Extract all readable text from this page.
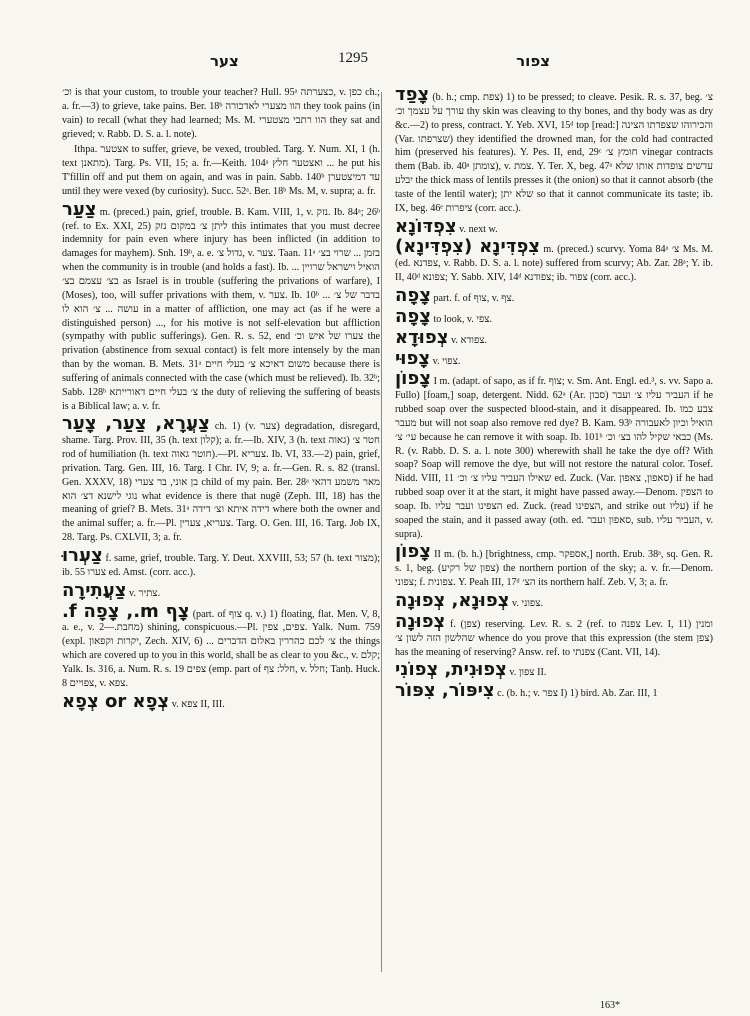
צער	1295	צפור

וכ׳ is that your custom, to trouble your teacher? Hull. 95ᵃ כצערתה, v. כפן ch.; a. fr.—3) to grieve, take pains. Ber. 18ᵇ הוו מצערי לאדכורה they took pains (in vain) to recall (what they had learned; Ms. M. הוו רתבי מצטערי they sat and grieved; v. Rabb. D. S. a. l. note).

Ithpa. אצטער to suffer, grieve, be vexed, troubled. Targ. Y. Num. XI, 1 (h. text מתאנן). Targ. Ps. VII, 15; a. fr.—Keith. 104ᵃ ואצטער חלץ ... he put his T'fillin off and put them on again, and was in pain. Sabb. 140ᵇ עד דמיצטערן until they were vexed (by curiosity). Succ. 52ᵃ. Ber. 18ᵇ Ms. M, v. supra; a. fr.

צַעַר m. (preced.) pain, grief, trouble. B. Kam. VIII, 1, v. נזק. Ib. 84ᵃ; 26ᵇ (ref. to Ex. XXI, 25) ליתן צ׳ במקום נזק this intimates that you must decree indemnity for pain even where injury has been inflicted (in addition to damages for mayhem). Snh. 19ᵇ, a. e. גדול צ׳, v. צער. Taan. 11ᵃ בזמן ... שרוי בצ׳ when the community is in trouble (and holds a fast). Ib. ... הואיל וישראל שרויין בצ׳ עצמם בצ׳ as Israel is in trouble (suffering the privations of warfare), I (Moses), too, will suffer privations with them, v. צער. Ib. 10ᵇ ... בדבר של צ׳ עושה ... צ׳ הוא לו in a matter of affliction, one may act (as if he were a distinguished person) ..., for his motive is not self-elevation but affliction (sympathy with public sufferings). Gen. R. s. 52, end צערו של איש וכ׳ the privation (abstinence from sexual contact) is felt more intensely by the man than by the woman. B. Mets. 31ᵃ משום דאיכא צ׳ בעלי חיים because there is suffering of animals connected with the case (which must be relieved). Ib. 32ᵇ; Sabb. 128ᵇ צ׳ בעלי חיים דאורייתא the duty of relieving the suffering of beasts is a Biblical law; a. v. fr.

צַעֲרָא, צַעַר, צָעַר ch. 1) (v. צער) degradation, disregard, shame. Targ. Prov. III, 35 (h. text קלון); a. fr.—Ib. XIV, 3 (h. text גאוה) חטר צ׳ rod of humiliation (h. text חוטר גאוה).—Pl. צעריא. Ib. VI, 33.—2) pain, grief, privation. Targ. Gen. III, 16. Targ. I Chr. IV, 9; a. fr.—Gen. R. s. 82 (transl. Gen. XXXV, 18) בן אוני, בר צערי child of my pain. Ber. 28ᵃ מאר משמע דהאי נוגי לישנא דצ׳ הוא what evidence is there that nugê (Zeph. III, 18) has the meaning of grief? B. Mets. 31ᵃ דידה איתא וצ׳ דידה where both the owner and the animal suffer; a. fr.—Pl. צעריא, צערין. Targ. O. Gen. III, 16. Targ. Job IX, 28. Targ. Ps. CXLVII, 3; a. fr.

צַעְרוּ f. same, grief, trouble. Targ. Y. Deut. XXVIII, 53; 57 (h. text מצור); ib. 55 צערו ed. Amst. (corr. acc.).

צַעֲתִירָה v. צתיר.

צָף m., צָפָה f. (part. of צוף q. v.) 1) floating, flat. Men. V, 8, a. e., v. מחבת.—2) shining, conspicuous.—Pl. צפים, צפין. Yalk. Num. 759 (expl. יקרות וקפאון, Zech. XIV, 6) ... צ׳ לכם כהררין באלום הדברים the things which are covered up to you in this world, shall be as clear to you &c., v. קלם; Yalk. Is. 316, a. Num. R. s. 19 צפים (emp. part of חלל: צף, v. חלל; Tanḥ. Huck. 8 צפויים, v. צפא.

צְפָא or צְפָא v. צפא II, III.

צָפַד (b. h.; cmp. צפת) 1) to be pressed; to cleave. Pesik. R. s. 37, beg. צ׳ עורך על עצמך וכ׳ thy skin was cleaving to thy bones, and thy body was as dry &c.—2) to press, contract. Y. Yeb. XVI, 15ᵈ top [read:] והכירוהו שצפדתו הצינה (Var. שצרפתו) they identified the drowned man, for the cold had contracted him (preserved his features). Y. Pes. II, end, 29ᶜ חומץ צ׳ vinegar contracts them (Bab. ib. 40ᵃ צומתן), v. צמת. Y. Ter. X, beg. 47ᵃ עדשים צופדות אותו שלא יבלע the thick mass of lentils presses it (the onion) so that it cannot absorb (the taste of the lentil water); שלא יתן so that it cannot communicate its taste; ib. IX, beg. 46ᵉ ציפרות (corr. acc.).

צִפְדּוֹנָא v. next w.

צִפְדִּינָא (צִפְדִּינָא) m. (preced.) scurvy. Yoma 84ᵃ צ׳ Ms. M. (ed. צפדנא, v. Rabb. D. S. a. l. note) suffered from scurvy; Ab. Zar. 28ᵃ; Y. ib. II, 40ᵈ צפונא; Y. Sabb. XIV, 14ᵈ צפודנא; ib. צפור (corr. acc.).

צָפָה part. f. of צוף, v. צף.

צָפָה to look, v. צפי.

צְפוּדָא v. צפודא.

צָפוּי v. צפוי.

צָפוֹן I m. (adapt. of sapo, as if fr. צוף; v. Sm. Ant. Engl. ed.³, s. vv. Sapo a. Fullo) [foam,] soap, detergent. Nidd. 62ᵃ (Ar. סבון) העביר עליו צ׳ ועבר if he rubbed soap over the suspected blood-stain, and it disappeared. Ib. צבע כמו מעבר but will not soap also remove red dye? B. Kam. 93ᵇ הואיל וכיון לאעבורה עי׳ צ׳ because he can remove it with soap. Ib. 101ᵇ כבאי שקיל להו בצ׳ וכ׳ (Ms. R. (v. Rabb. D. S. a. l. note 300) wherewith shall he take the dye off? With soap? Soap will remove the dye, but will not restore the natural color. Tosef. Nidd. VIII, 11 שאילו העביר עליו צ׳ וכ׳ ed. Zuck. (Var. סאפון, צאפון) if he had rubbed soap over it at the start, it might have passed away.—Denom. הצפין to soap. Ib. הצפינו ועבר עליו ed. Zuck. (read הצפינו, and strike out עליו) if he soaped the stain, and it passed away (oth. ed. סאפון ועבר, sub. העביר עליו, v. supra).

צָפוֹן II m. (b. h.) [brightness, cmp. אספקר,] north. Erub. 38ᵃ, sq. Gen. R. s. 1, beg. (צפון של רקיע) the northern portion of the sky; a. v. fr.—Denom. צפוני; f. צפונית. Y. Peah III, 17ᵈ הצ׳ its northern half. Zeb. V, 3; a. fr.

צְפוּנָא, צְפוּנָה v. צפוני.

צְפוּנָה f. (צפן) reserving. Lev. R. s. 2 (ref. to צפנה Lev. I, 11) ומנין שהלשון הזה לשון צ׳ whence do you prove that this expression (the stem צפן) has the meaning of reserving? Answ. ref. to צפנתי (Cant. VII, 14).

צְפוּנִית, צְפוֹנִי v. צפון II.

צִיפּוֹר, צִפּוֹר c. (b. h.; v. צפר I) 1) bird. Ab. Zar. III, 1

163*
